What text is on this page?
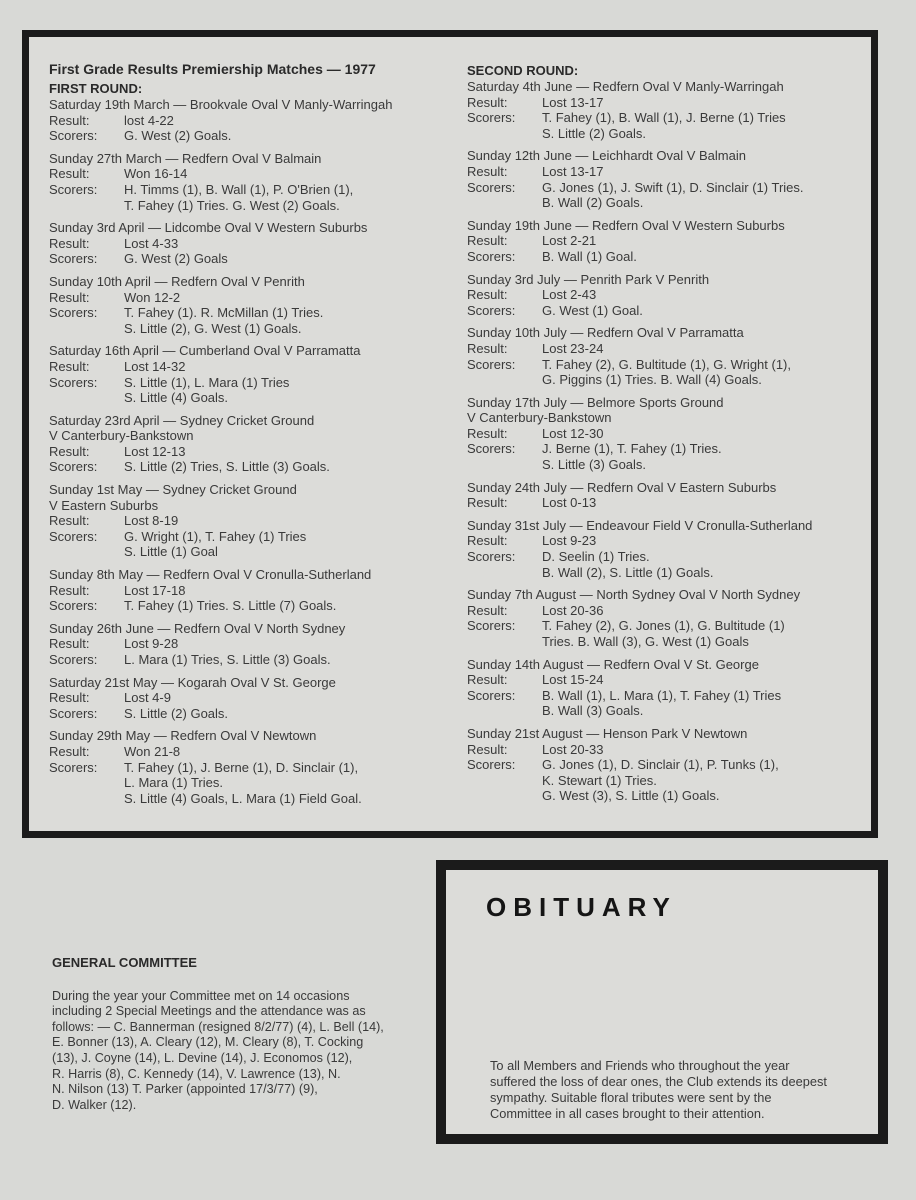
First Grade Results Premiership Matches — 1977
FIRST ROUND:
Saturday 19th March — Brookvale Oval V Manly-Warringah
Result:	lost 4-22
Scorers:	G. West (2) Goals.
Sunday 27th March — Redfern Oval V Balmain
Result:	Won 16-14
Scorers:	H. Timms (1), B. Wall (1), P. O'Brien (1),
T. Fahey (1) Tries. G. West (2) Goals.
Sunday 3rd April — Lidcombe Oval V Western Suburbs
Result:	Lost 4-33
Scorers:	G. West (2) Goals
Sunday 10th April — Redfern Oval V Penrith
Result:	Won 12-2
Scorers:	T. Fahey (1). R. McMillan (1) Tries.
S. Little (2), G. West (1) Goals.
Saturday 16th April — Cumberland Oval V Parramatta
Result:	Lost 14-32
Scorers:	S. Little (1), L. Mara (1) Tries
S. Little (4) Goals.
Saturday 23rd April — Sydney Cricket Ground
V Canterbury-Bankstown
Result:	Lost 12-13
Scorers:	S. Little (2) Tries, S. Little (3) Goals.
Sunday 1st May — Sydney Cricket Ground
V Eastern Suburbs
Result:	Lost 8-19
Scorers:	G. Wright (1), T. Fahey (1) Tries
S. Little (1) Goal
Sunday 8th May — Redfern Oval V Cronulla-Sutherland
Result:	Lost 17-18
Scorers:	T. Fahey (1) Tries. S. Little (7) Goals.
Sunday 26th June — Redfern Oval V North Sydney
Result:	Lost 9-28
Scorers:	L. Mara (1) Tries, S. Little (3) Goals.
Saturday 21st May — Kogarah Oval V St. George
Result:	Lost 4-9
Scorers:	S. Little (2) Goals.
Sunday 29th May — Redfern Oval V Newtown
Result:	Won 21-8
Scorers:	T. Fahey (1), J. Berne (1), D. Sinclair (1),
L. Mara (1) Tries.
S. Little (4) Goals, L. Mara (1) Field Goal.
SECOND ROUND:
Saturday 4th June — Redfern Oval V Manly-Warringah
Result:	Lost 13-17
Scorers:	T. Fahey (1), B. Wall (1), J. Berne (1) Tries
S. Little (2) Goals.
Sunday 12th June — Leichhardt Oval V Balmain
Result:	Lost 13-17
Scorers:	G. Jones (1), J. Swift (1), D. Sinclair (1) Tries.
B. Wall (2) Goals.
Sunday 19th June — Redfern Oval V Western Suburbs
Result:	Lost 2-21
Scorers:	B. Wall (1) Goal.
Sunday 3rd July — Penrith Park V Penrith
Result:	Lost 2-43
Scorers:	G. West (1) Goal.
Sunday 10th July — Redfern Oval V Parramatta
Result:	Lost 23-24
Scorers:	T. Fahey (2), G. Bultitude (1), G. Wright (1),
G. Piggins (1) Tries. B. Wall (4) Goals.
Sunday 17th July — Belmore Sports Ground
V Canterbury-Bankstown
Result:	Lost 12-30
Scorers:	J. Berne (1), T. Fahey (1) Tries.
S. Little (3) Goals.
Sunday 24th July — Redfern Oval V Eastern Suburbs
Result:	Lost 0-13
Sunday 31st July — Endeavour Field V Cronulla-Sutherland
Result:	Lost 9-23
Scorers:	D. Seelin (1) Tries.
B. Wall (2), S. Little (1) Goals.
Sunday 7th August — North Sydney Oval V North Sydney
Result:	Lost 20-36
Scorers:	T. Fahey (2), G. Jones (1), G. Bultitude (1)
Tries. B. Wall (3), G. West (1) Goals
Sunday 14th August — Redfern Oval V St. George
Result:	Lost 15-24
Scorers:	B. Wall (1), L. Mara (1), T. Fahey (1) Tries
B. Wall (3) Goals.
Sunday 21st August — Henson Park V Newtown
Result:	Lost 20-33
Scorers:	G. Jones (1), D. Sinclair (1), P. Tunks (1),
K. Stewart (1) Tries.
G. West (3), S. Little (1) Goals.
GENERAL COMMITTEE

During the year your Committee met on 14 occasions
including 2 Special Meetings and the attendance was as
follows: — C. Bannerman (resigned 8/2/77) (4), L. Bell (14),
E. Bonner (13), A. Cleary (12), M. Cleary (8), T. Cocking
(13), J. Coyne (14), L. Devine (14), J. Economos (12),
R. Harris (8), C. Kennedy (14), V. Lawrence (13), N.
N. Nilson (13) T. Parker (appointed 17/3/77) (9),
D. Walker (12).

OBITUARY
To all Members and Friends who throughout the year
suffered the loss of dear ones, the Club extends its deepest
sympathy. Suitable floral tributes were sent by the
Committee in all cases brought to their attention.
